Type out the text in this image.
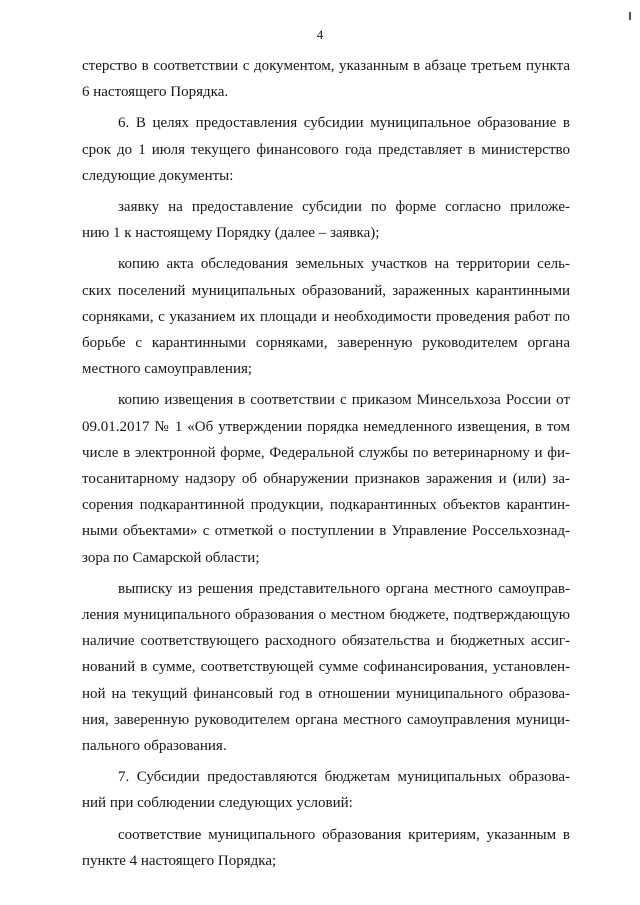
4

стерство в соответствии с документом, указанным в абзаце третьем пункта
6 настоящего Порядка.

6. В целях предоставления субсидии муниципальное образование в
срок до 1 июля текущего финансового года представляет в министерство
следующие документы:

заявку на предоставление субсидии по форме согласно приложе-
нию 1 к настоящему Порядку (далее – заявка);

копию акта обследования земельных участков на территории сель-
ских поселений муниципальных образований, зараженных карантинными
сорняками, с указанием их площади и необходимости проведения работ по
борьбе с карантинными сорняками, заверенную руководителем органа
местного самоуправления;

копию извещения в соответствии с приказом Минсельхоза России от
09.01.2017 № 1 «Об утверждении порядка немедленного извещения, в том
числе в электронной форме, Федеральной службы по ветеринарному и фи-
тосанитарному надзору об обнаружении признаков заражения и (или) за-
сорения подкарантинной продукции, подкарантинных объектов карантин-
ными объектами» с отметкой о поступлении в Управление Россельхознад-
зора по Самарской области;

выписку из решения представительного органа местного самоуправ-
ления муниципального образования о местном бюджете, подтверждающую
наличие соответствующего расходного обязательства и бюджетных ассиг-
нований в сумме, соответствующей сумме софинансирования, установлен-
ной на текущий финансовый год в отношении муниципального образова-
ния, заверенную руководителем органа местного самоуправления муници-
пального образования.

7. Субсидии предоставляются бюджетам муниципальных образова-
ний при соблюдении следующих условий:

соответствие муниципального образования критериям, указанным в
пункте 4 настоящего Порядка;
